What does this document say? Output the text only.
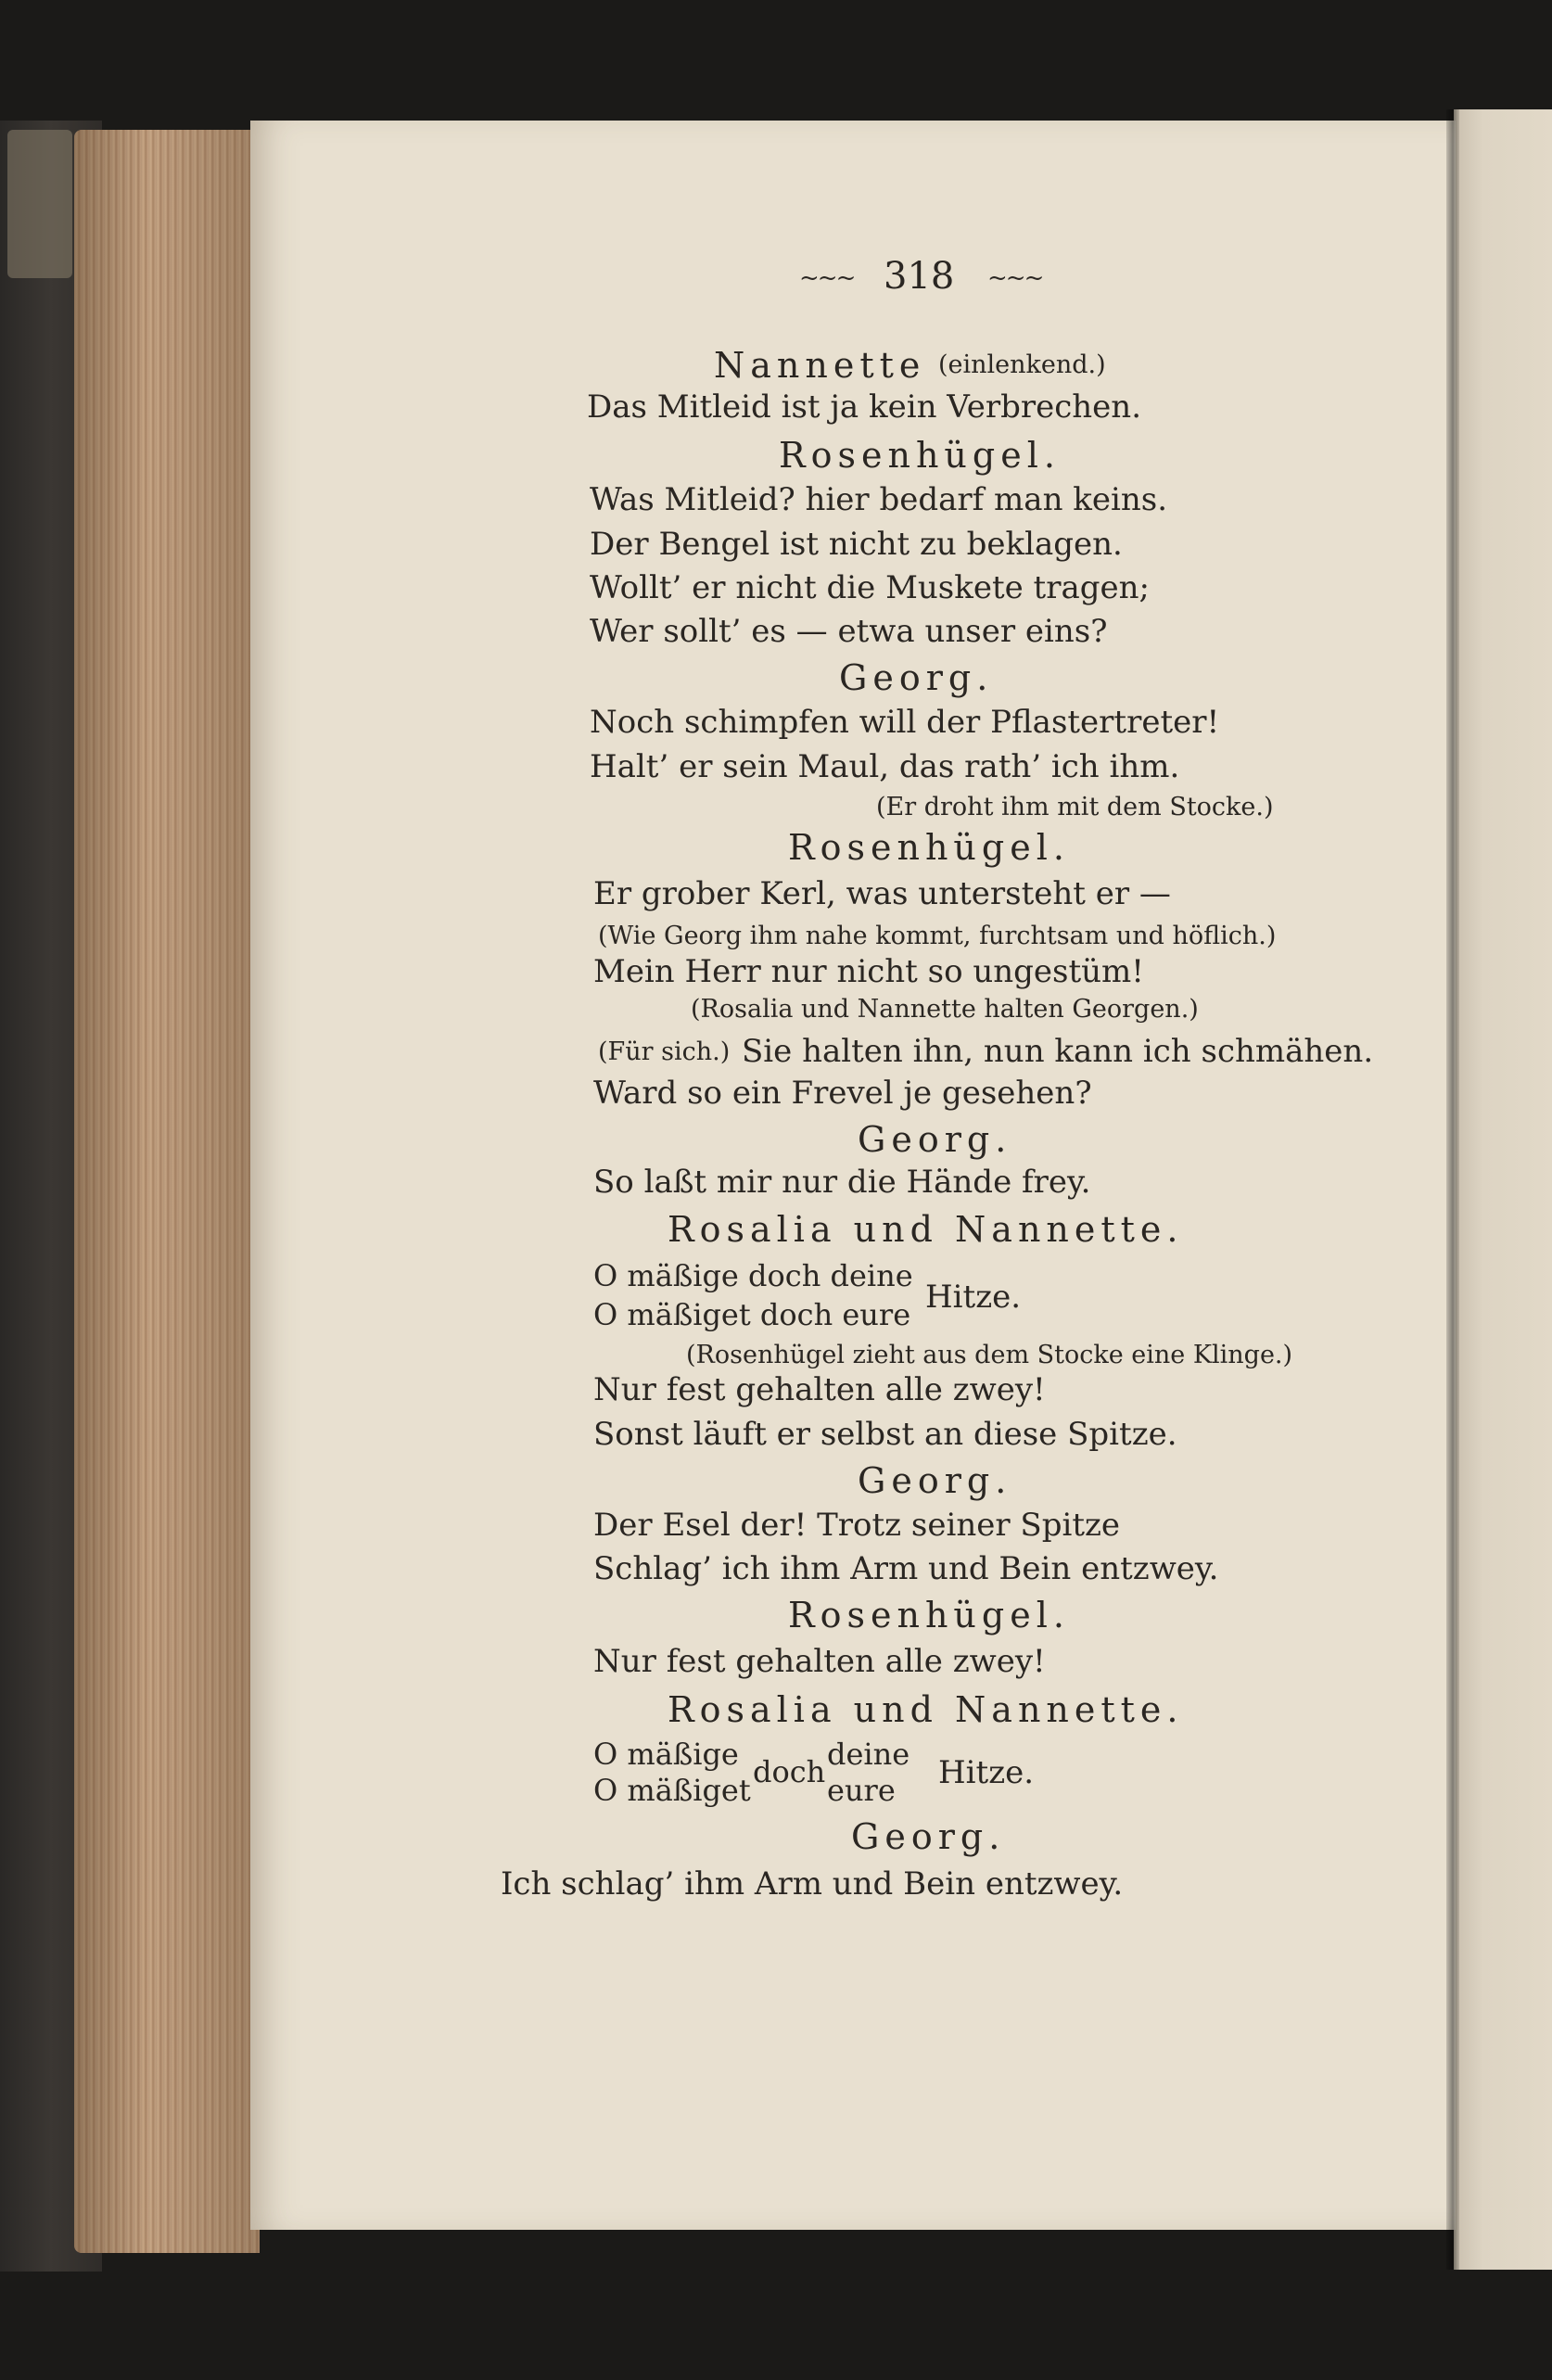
~~~ 318 ~~~
Nannette (einlenkend.)
Das Mitleid ist ja kein Verbrechen.
Rosenhügel.
Was Mitleid? hier bedarf man keins.
Der Bengel ist nicht zu beklagen.
Wollt’ er nicht die Muskete tragen;
Wer sollt’ es — etwa unser eins?
Georg.
Noch schimpfen will der Pflastertreter!
Halt’ er sein Maul, das rath’ ich ihm.
(Er droht ihm mit dem Stocke.)
Rosenhügel.
Er grober Kerl, was untersteht er —
(Wie Georg ihm nahe kommt, furchtsam und höflich.)
Mein Herr nur nicht so ungestüm!
(Rosalia und Nannette halten Georgen.)
(Für sich.) Sie halten ihn, nun kann ich schmähen.
Ward so ein Frevel je gesehen?
Georg.
So laßt mir nur die Hände frey.
Rosalia und Nannette.
O mäßige doch deine
O mäßiget doch eure Hitze.
(Rosenhügel zieht aus dem Stocke eine Klinge.)
Nur fest gehalten alle zwey!
Sonst läuft er selbst an diese Spitze.
Georg.
Der Esel der! Trotz seiner Spitze
Schlag’ ich ihm Arm und Bein entzwey.
Rosenhügel.
Nur fest gehalten alle zwey!
Rosalia und Nannette.
O mäßige
O mäßiget
doch deine
eure Hitze.
Georg.
Ich schlag’ ihm Arm und Bein entzwey.
